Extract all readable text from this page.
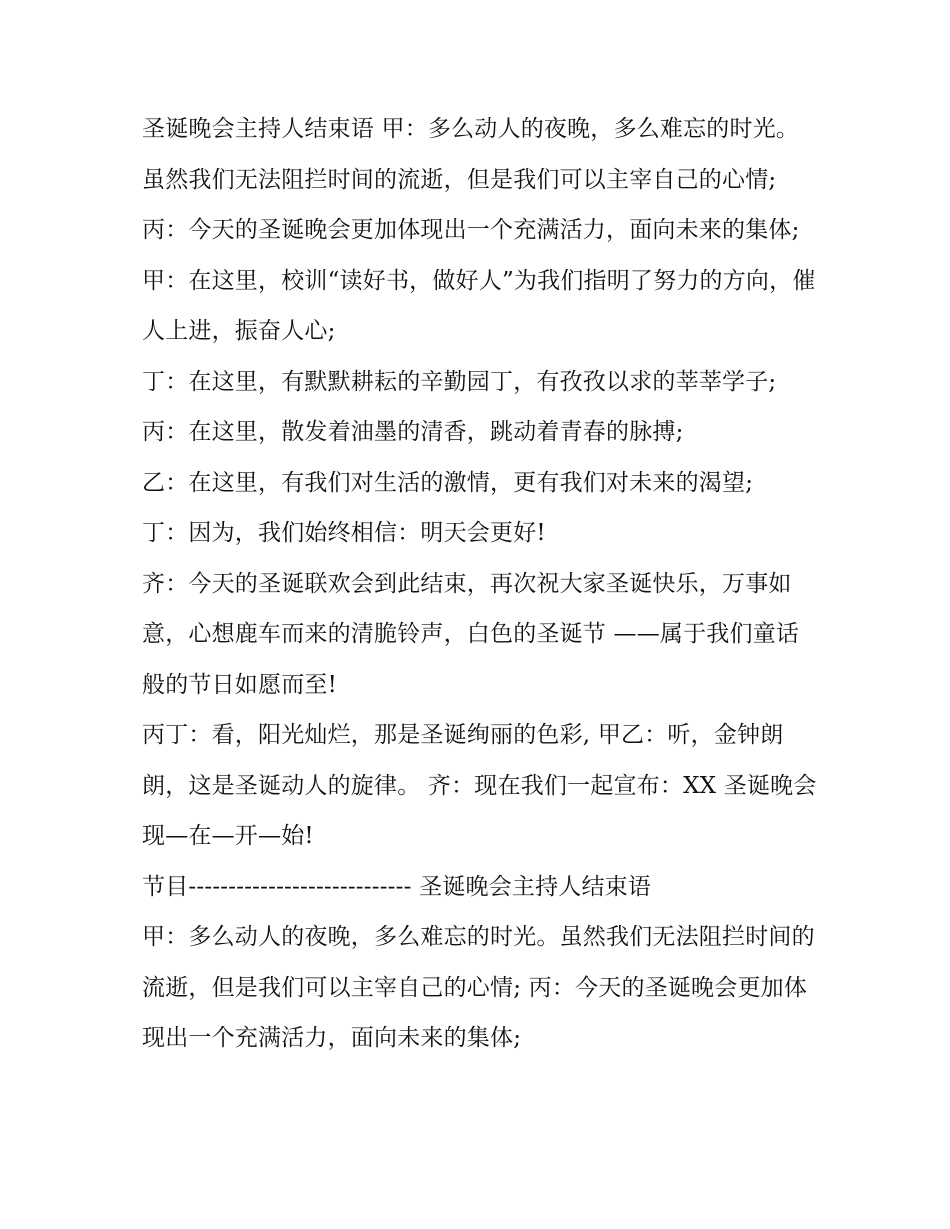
圣诞晚会主持人结束语 甲：多么动人的夜晚，多么难忘的时光。虽然我们无法阻拦时间的流逝，但是我们可以主宰自己的心情;

丙：今天的圣诞晚会更加体现出一个充满活力，面向未来的集体; 甲：在这里，校训“读好书，做好人”为我们指明了努力的方向，催人上进，振奋人心;

丁：在这里，有默默耕耘的辛勤园丁，有孜孜以求的莘莘学子; 丙：在这里，散发着油墨的清香，跳动着青春的脉搏;

乙：在这里，有我们对生活的激情，更有我们对未来的渴望;

丁：因为，我们始终相信：明天会更好!

齐：今天的圣诞联欢会到此结束，再次祝大家圣诞快乐，万事如意，心想鹿车而来的清脆铃声，白色的圣诞节 ——属于我们童话般的节日如愿而至!

丙丁：看，阳光灿烂，那是圣诞绚丽的色彩, 甲乙：听，金钟朗朗，这是圣诞动人的旋律。 齐：现在我们一起宣布：XX 圣诞晚会现—在—开—始!

节目---------------------------- 圣诞晚会主持人结束语

甲：多么动人的夜晚，多么难忘的时光。虽然我们无法阻拦时间的流逝，但是我们可以主宰自己的心情; 丙：今天的圣诞晚会更加体现出一个充满活力，面向未来的集体;
